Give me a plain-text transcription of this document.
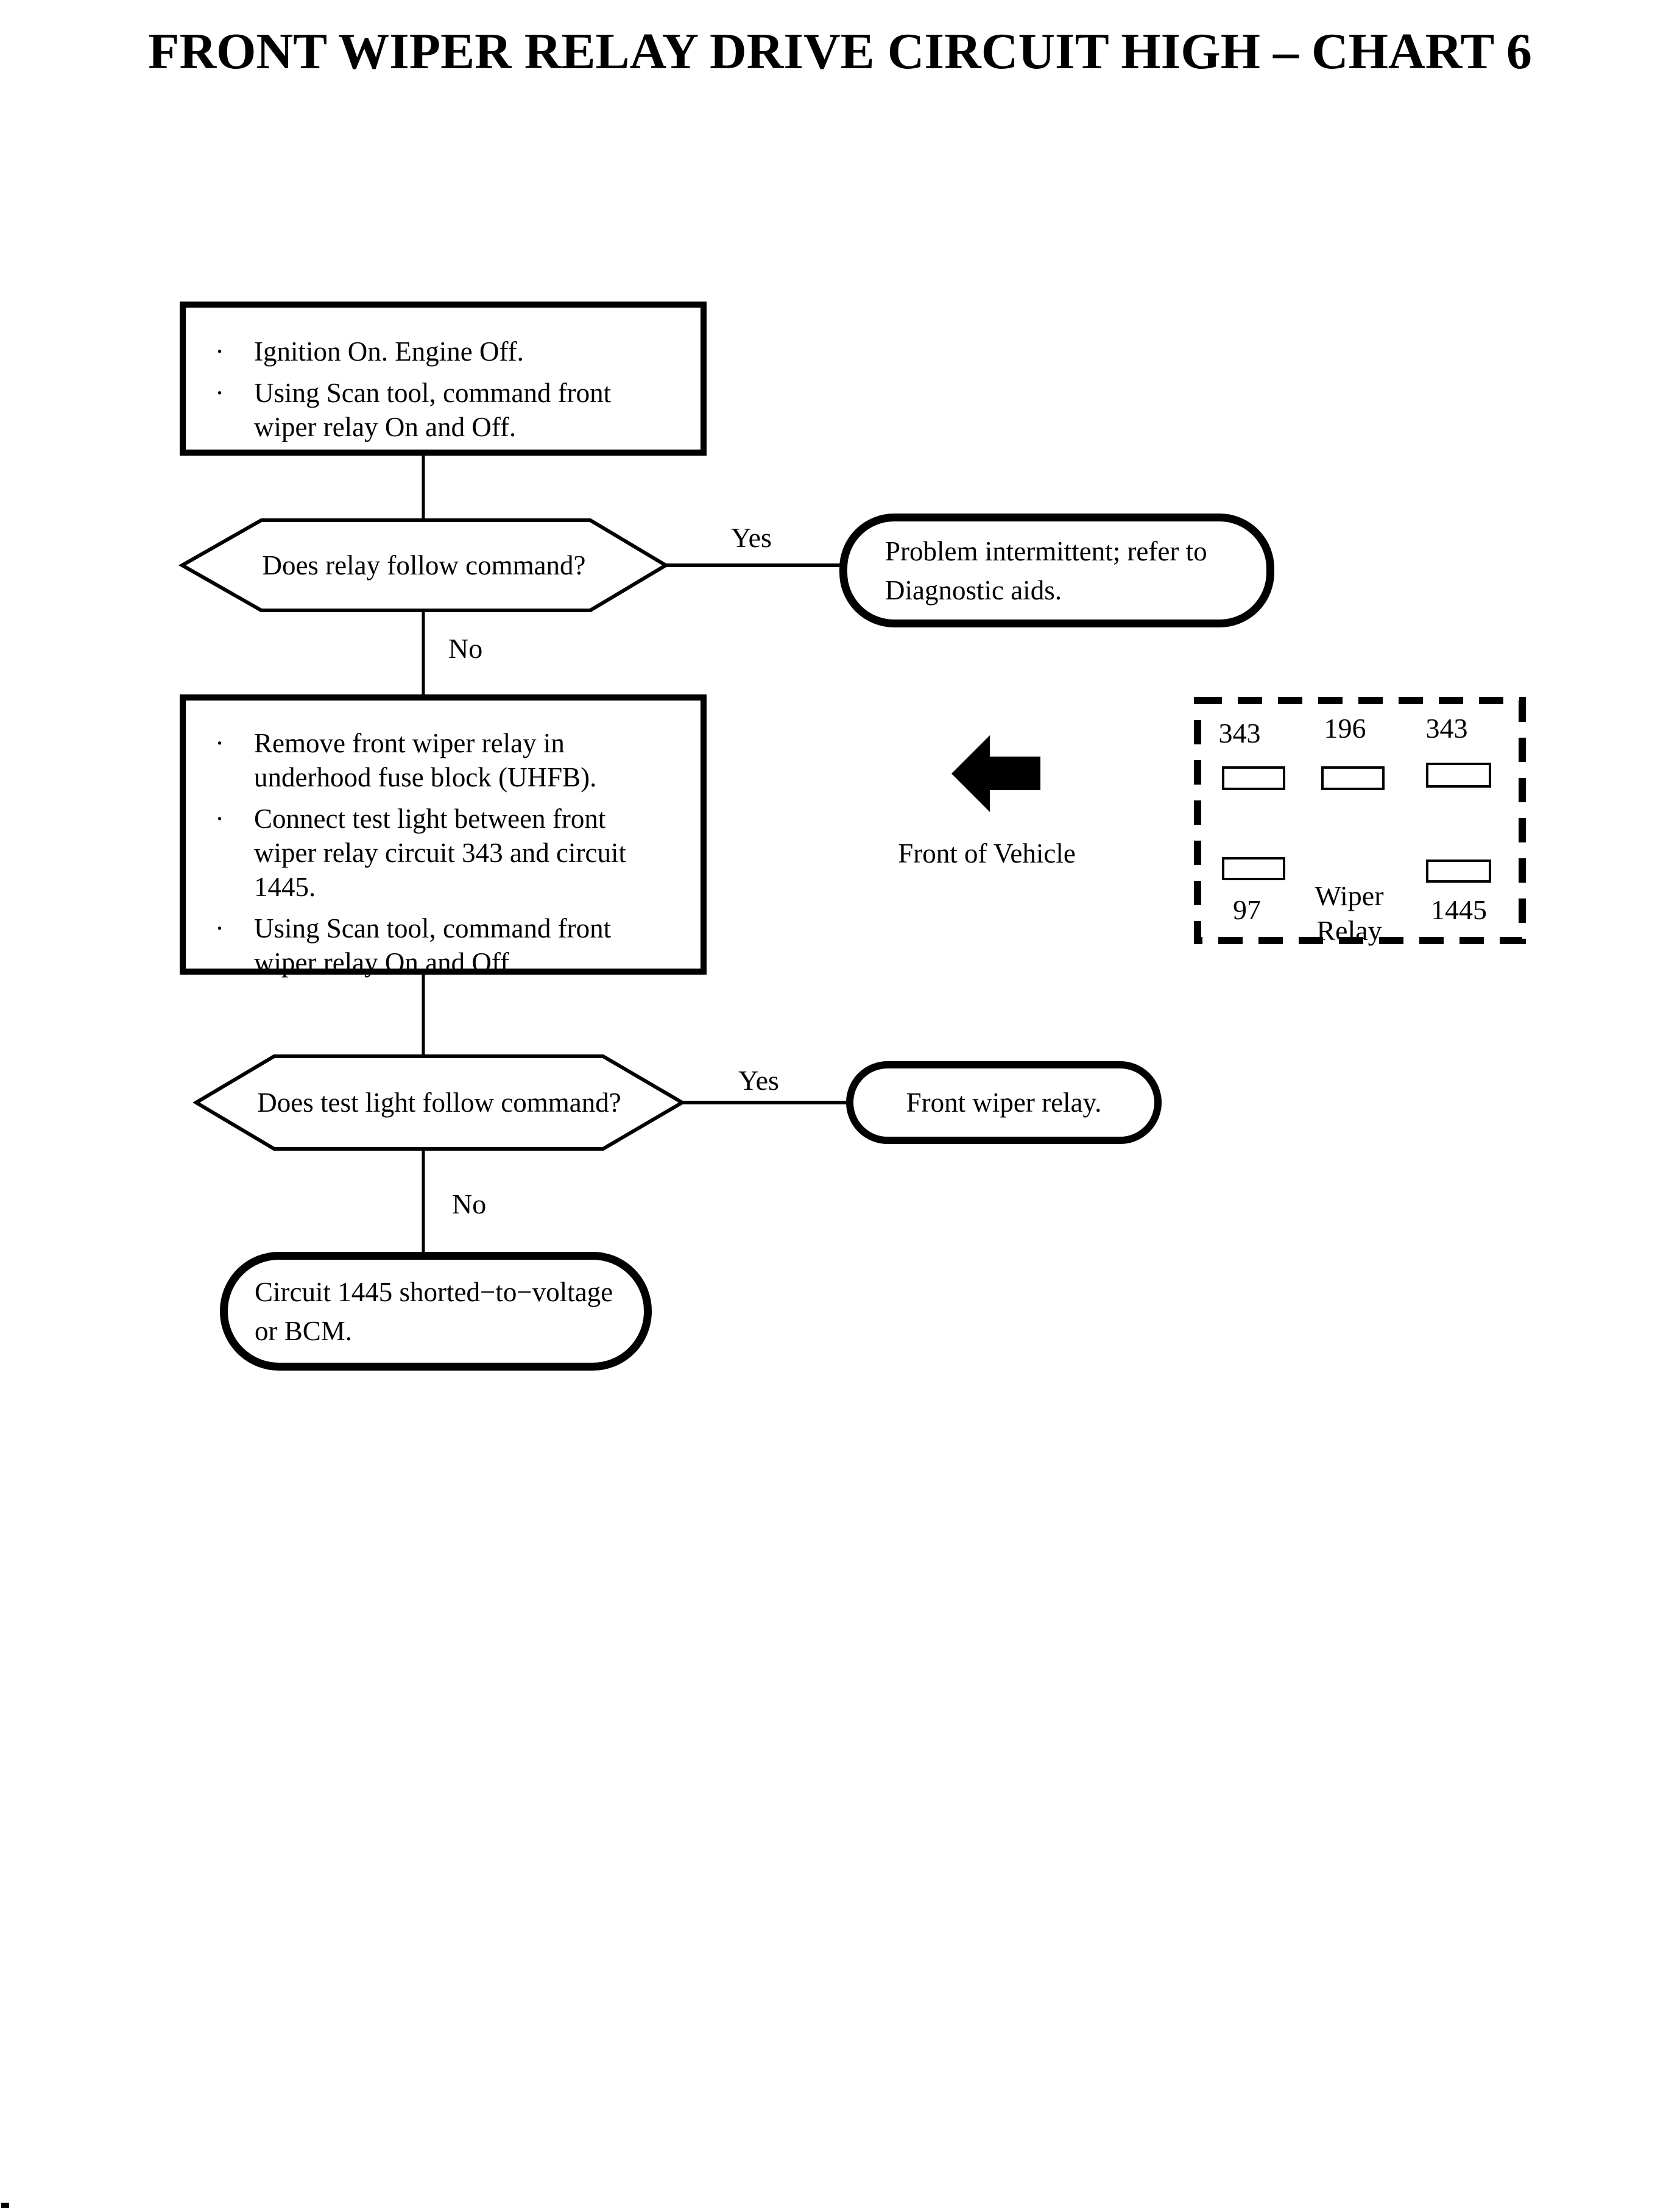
FRONT WIPER RELAY DRIVE CIRCUIT HIGH – CHART 6
·	Ignition On. Engine Off.
·	Using Scan tool, command front wiper relay On and Off.
Does relay follow command?
Yes
No
Problem intermittent; refer to
Diagnostic aids.
·	Remove front wiper relay in underhood fuse block (UHFB).
·	Connect test light between front wiper relay circuit 343 and circuit 1445.
·	Using Scan tool, command front wiper relay On and Off.
Does test light follow command?
Yes
No
Front wiper relay.
Circuit 1445 shorted−to−voltage
or BCM.
Front of Vehicle
343	196	343
97	1445
Wiper
Relay
